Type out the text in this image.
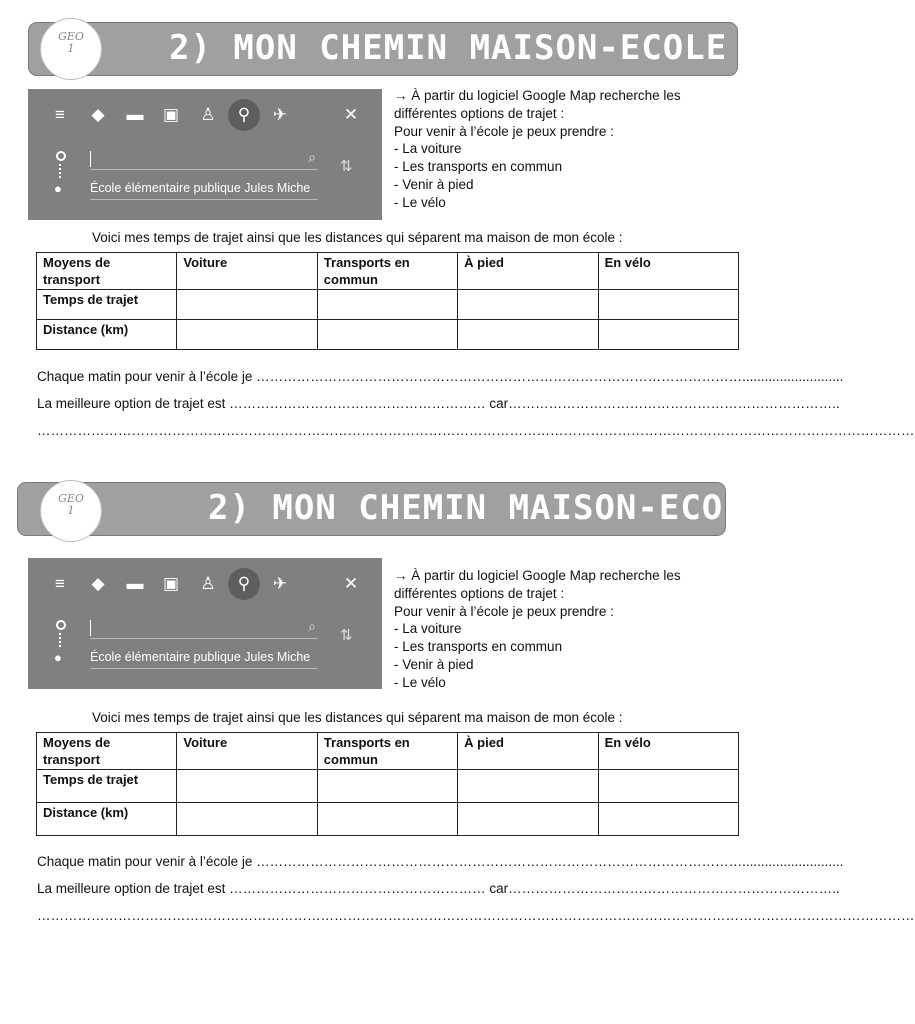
2) MON CHEMIN MAISON-ECOLE
GEO
1
≡	◆	▬ ▣ ♙	⚲	✈	✕
●
⌕
École élémentaire publique Jules Miche
⇅
→ À partir du logiciel Google Map recherche les
différentes options de trajet :
Pour venir à l’école je peux prendre :
- La voiture
- Les transports en commun
- Venir à pied
- Le vélo
Voici mes temps de trajet ainsi que les distances qui séparent ma maison de mon école :
Moyens de transport	Voiture	Transports en commun	À pied	En vélo
Temps de trajet				
Distance (km)				
Chaque matin pour venir à l’école je ………………………………………………………………………………………………...........................
La meilleure option de trajet est ………………………………………………… car………………………………………………………………..
……………………………………………………………………………………………………………………………………………………………………………
2) MON CHEMIN MAISON-ECOLE
GEO
1
≡	◆	▬ ▣ ♙	⚲	✈	✕
●
⌕
École élémentaire publique Jules Miche
⇅
→ À partir du logiciel Google Map recherche les
différentes options de trajet :
Pour venir à l’école je peux prendre :
- La voiture
- Les transports en commun
- Venir à pied
- Le vélo
Voici mes temps de trajet ainsi que les distances qui séparent ma maison de mon école :
Moyens de transport	Voiture	Transports en commun	À pied	En vélo
Temps de trajet				
Distance (km)				
Chaque matin pour venir à l’école je ………………………………………………………………………………………………...........................
La meilleure option de trajet est ………………………………………………… car………………………………………………………………..
……………………………………………………………………………………………………………………………………………………………………………
